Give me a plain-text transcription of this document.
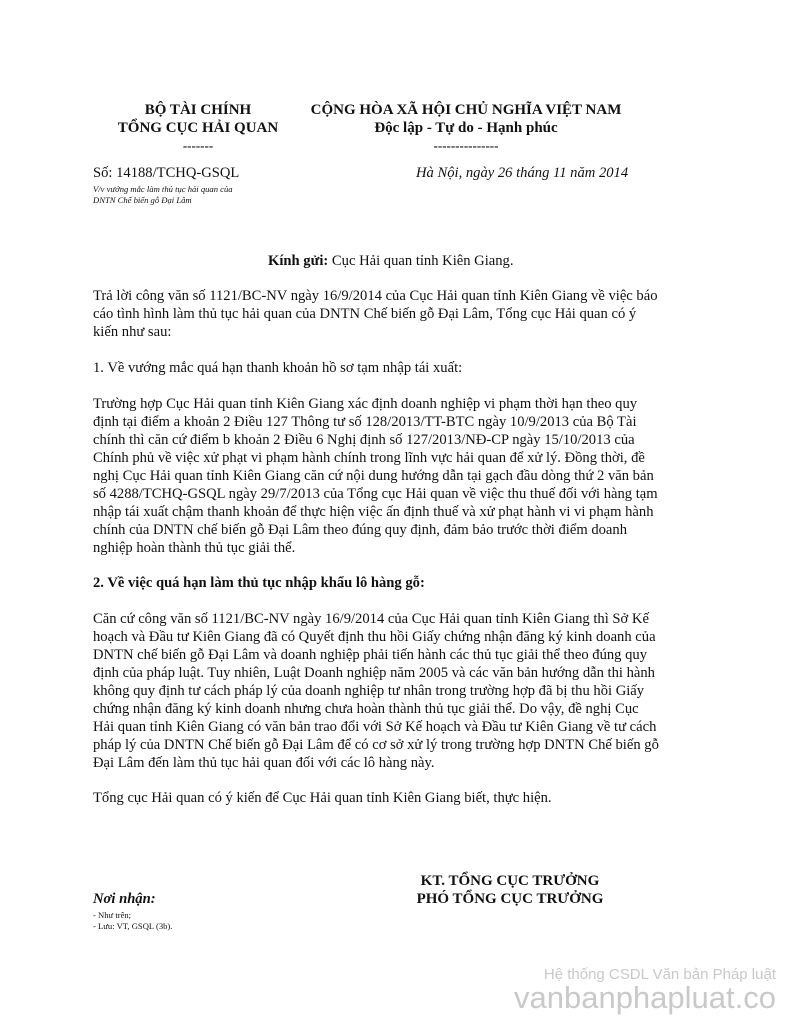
BỘ TÀI CHÍNH
TỔNG CỤC HẢI QUAN
-------
Số: 14188/TCHQ-GSQL
V/v vướng mắc làm thủ tục hải quan của
DNTN Chế biến gỗ Đại Lâm
CỘNG HÒA XÃ HỘI CHỦ NGHĨA VIỆT NAM
Độc lập - Tự do - Hạnh phúc
---------------
Hà Nội, ngày 26 tháng 11 năm 2014
Kính gửi: Cục Hải quan tỉnh Kiên Giang.
Trả lời công văn số 1121/BC-NV ngày 16/9/2014 của Cục Hải quan tỉnh Kiên Giang về việc báo
cáo tình hình làm thủ tục hải quan của DNTN Chế biến gỗ Đại Lâm, Tổng cục Hải quan có ý
kiến như sau:
1. Về vướng mắc quá hạn thanh khoản hồ sơ tạm nhập tái xuất:
Trường hợp Cục Hải quan tỉnh Kiên Giang xác định doanh nghiệp vi phạm thời hạn theo quy
định tại điểm a khoản 2 Điều 127 Thông tư số 128/2013/TT-BTC ngày 10/9/2013 của Bộ Tài
chính thì căn cứ điểm b khoản 2 Điều 6 Nghị định số 127/2013/NĐ-CP ngày 15/10/2013 của
Chính phủ về việc xử phạt vi phạm hành chính trong lĩnh vực hải quan để xử lý. Đồng thời, đề
nghị Cục Hải quan tỉnh Kiên Giang căn cứ nội dung hướng dẫn tại gạch đầu dòng thứ 2 văn bản
số 4288/TCHQ-GSQL ngày 29/7/2013 của Tổng cục Hải quan về việc thu thuế đối với hàng tạm
nhập tái xuất chậm thanh khoản để thực hiện việc ấn định thuế và xử phạt hành vi vi phạm hành
chính của DNTN chế biến gỗ Đại Lâm theo đúng quy định, đảm bảo trước thời điểm doanh
nghiệp hoàn thành thủ tục giải thể.
2. Về việc quá hạn làm thủ tục nhập khẩu lô hàng gỗ:
Căn cứ công văn số 1121/BC-NV ngày 16/9/2014 của Cục Hải quan tỉnh Kiên Giang thì Sở Kế
hoạch và Đầu tư Kiên Giang đã có Quyết định thu hồi Giấy chứng nhận đăng ký kinh doanh của
DNTN chế biến gỗ Đại Lâm và doanh nghiệp phải tiến hành các thủ tục giải thể theo đúng quy
định của pháp luật. Tuy nhiên, Luật Doanh nghiệp năm 2005 và các văn bản hướng dẫn thi hành
không quy định tư cách pháp lý của doanh nghiệp tư nhân trong trường hợp đã bị thu hồi Giấy
chứng nhận đăng ký kinh doanh nhưng chưa hoàn thành thủ tục giải thể. Do vậy, đề nghị Cục
Hải quan tỉnh Kiên Giang có văn bản trao đổi với Sở Kế hoạch và Đầu tư Kiên Giang về tư cách
pháp lý của DNTN Chế biến gỗ Đại Lâm để có cơ sở xử lý trong trường hợp DNTN Chế biến gỗ
Đại Lâm đến làm thủ tục hải quan đối với các lô hàng này.
Tổng cục Hải quan có ý kiến để Cục Hải quan tỉnh Kiên Giang biết, thực hiện.
Nơi nhận:
- Như trên;
- Lưu: VT, GSQL (3b).
KT. TỔNG CỤC TRƯỞNG
PHÓ TỔNG CỤC TRƯỞNG
Hệ thống CSDL Văn bản Pháp luật
vanbanphapluat.co
